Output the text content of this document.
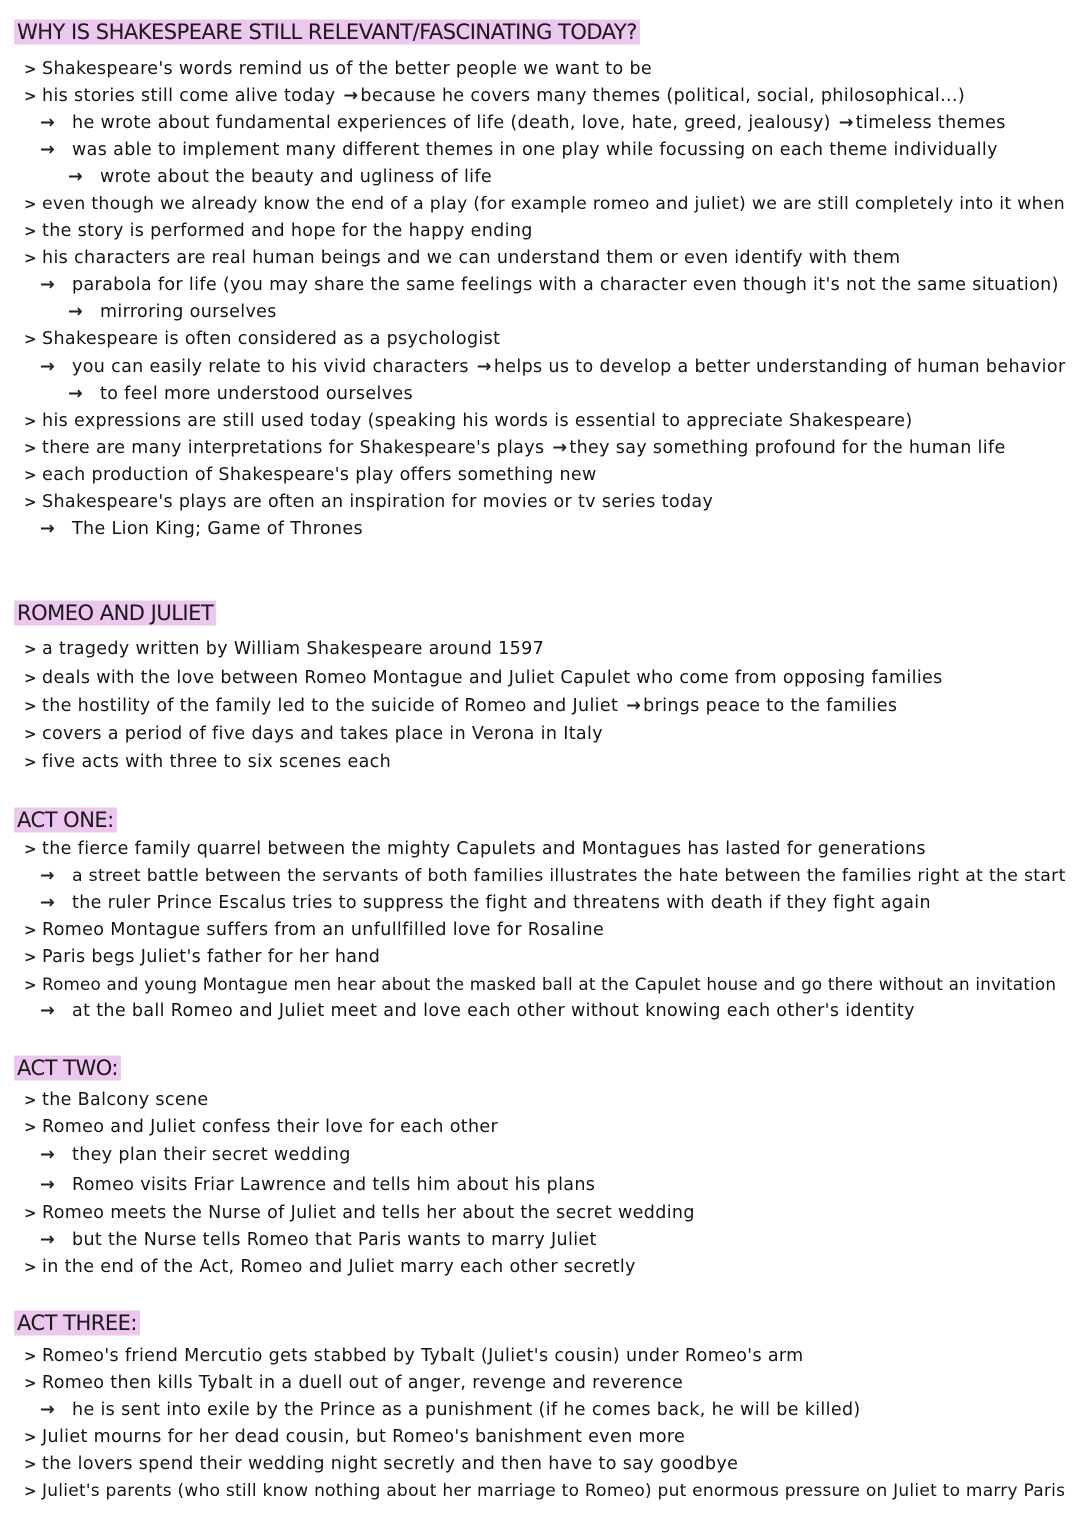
WHY IS SHAKESPEARE STILL RELEVANT/FASCINATING TODAY?
> Shakespeare's words remind us of the better people we want to be
> his stories still come alive today → because he covers many themes (political, social, philosophical...)
→ he wrote about fundamental experiences of life (death, love, hate, greed, jealousy) → timeless themes
→ was able to implement many different themes in one play while focussing on each theme individually
→ wrote about the beauty and ugliness of life
> even though we already know the end of a play (for example romeo and juliet) we are still completely into it when
> the story is performed and hope for the happy ending
> his characters are real human beings and we can understand them or even identify with them
→ parabola for life (you may share the same feelings with a character even though it's not the same situation)
→ mirroring ourselves
> Shakespeare is often considered as a psychologist
→ you can easily relate to his vivid characters → helps us to develop a better understanding of human behavior
→ to feel more understood ourselves
> his expressions are still used today (speaking his words is essential to appreciate Shakespeare)
> there are many interpretations for Shakespeare's plays → they say something profound for the human life
> each production of Shakespeare's play offers something new
> Shakespeare's plays are often an inspiration for movies or tv series today
→ The Lion King; Game of Thrones
ROMEO AND JULIET
> a tragedy written by William Shakespeare around 1597
> deals with the love between Romeo Montague and Juliet Capulet who come from opposing families
> the hostility of the family led to the suicide of Romeo and Juliet → brings peace to the families
> covers a period of five days and takes place in Verona in Italy
> five acts with three to six scenes each
ACT ONE:
> the fierce family quarrel between the mighty Capulets and Montagues has lasted for generations
→ a street battle between the servants of both families illustrates the hate between the families right at the start
→ the ruler Prince Escalus tries to suppress the fight and threatens with death if they fight again
> Romeo Montague suffers from an unfullfilled love for Rosaline
> Paris begs Juliet's father for her hand
> Romeo and young Montague men hear about the masked ball at the Capulet house and go there without an invitation
→ at the ball Romeo and Juliet meet and love each other without knowing each other's identity
ACT TWO:
> the Balcony scene
> Romeo and Juliet confess their love for each other
→ they plan their secret wedding
→ Romeo visits Friar Lawrence and tells him about his plans
> Romeo meets the Nurse of Juliet and tells her about the secret wedding
→ but the Nurse tells Romeo that Paris wants to marry Juliet
> in the end of the Act, Romeo and Juliet marry each other secretly
ACT THREE:
> Romeo's friend Mercutio gets stabbed by Tybalt (Juliet's cousin) under Romeo's arm
> Romeo then kills Tybalt in a duell out of anger, revenge and reverence
→ he is sent into exile by the Prince as a punishment (if he comes back, he will be killed)
> Juliet mourns for her dead cousin, but Romeo's banishment even more
> the lovers spend their wedding night secretly and then have to say goodbye
> Juliet's parents (who still know nothing about her marriage to Romeo) put enormous pressure on Juliet to marry Paris
